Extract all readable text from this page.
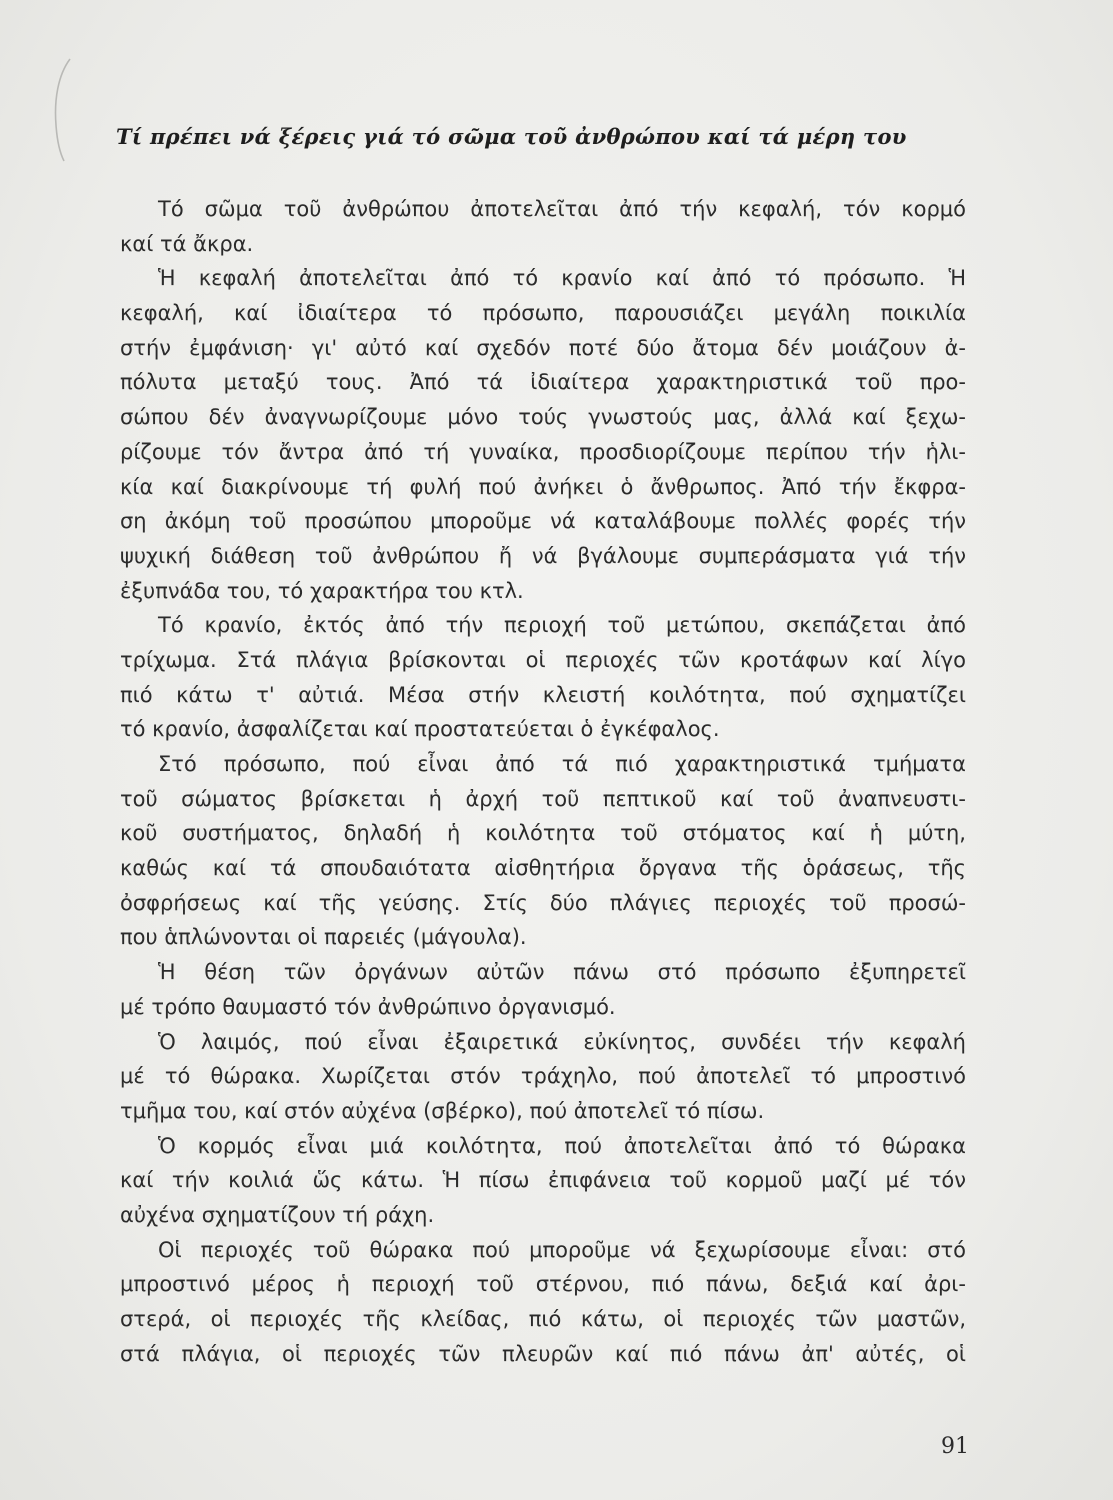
Τί πρέπει νά ξέρεις γιά τό σῶμα τοῦ ἀνθρώπου καί τά μέρη του
Τό σῶμα τοῦ ἀνθρώπου ἀποτελεῖται ἀπό τήν κεφαλή, τόν κορμό
καί τά ἄκρα.
Ἡ κεφαλή ἀποτελεῖται ἀπό τό κρανίο καί ἀπό τό πρόσωπο. Ἡ
κεφαλή, καί ἰδιαίτερα τό πρόσωπο, παρουσιάζει μεγάλη ποικιλία
στήν ἐμφάνιση· γι' αὐτό καί σχεδόν ποτέ δύο ἄτομα δέν μοιάζουν ἀ-
πόλυτα μεταξύ τους. Ἀπό τά ἰδιαίτερα χαρακτηριστικά τοῦ προ-
σώπου δέν ἀναγνωρίζουμε μόνο τούς γνωστούς μας, ἀλλά καί ξεχω-
ρίζουμε τόν ἄντρα ἀπό τή γυναίκα, προσδιορίζουμε περίπου τήν ἡλι-
κία καί διακρίνουμε τή φυλή πού ἀνήκει ὁ ἄνθρωπος. Ἀπό τήν ἔκφρα-
ση ἀκόμη τοῦ προσώπου μποροῦμε νά καταλάβουμε πολλές φορές τήν
ψυχική διάθεση τοῦ ἀνθρώπου ἤ νά βγάλουμε συμπεράσματα γιά τήν
ἐξυπνάδα του, τό χαρακτήρα του κτλ.
Τό κρανίο, ἐκτός ἀπό τήν περιοχή τοῦ μετώπου, σκεπάζεται ἀπό
τρίχωμα. Στά πλάγια βρίσκονται οἱ περιοχές τῶν κροτάφων καί λίγο
πιό κάτω τ' αὐτιά. Μέσα στήν κλειστή κοιλότητα, πού σχηματίζει
τό κρανίο, ἀσφαλίζεται καί προστατεύεται ὁ ἐγκέφαλος.
Στό πρόσωπο, πού εἶναι ἀπό τά πιό χαρακτηριστικά τμήματα
τοῦ σώματος βρίσκεται ἡ ἀρχή τοῦ πεπτικοῦ καί τοῦ ἀναπνευστι-
κοῦ συστήματος, δηλαδή ἡ κοιλότητα τοῦ στόματος καί ἡ μύτη,
καθώς καί τά σπουδαιότατα αἰσθητήρια ὄργανα τῆς ὁράσεως, τῆς
ὀσφρήσεως καί τῆς γεύσης. Στίς δύο πλάγιες περιοχές τοῦ προσώ-
που ἁπλώνονται οἱ παρειές (μάγουλα).
Ἡ θέση τῶν ὀργάνων αὐτῶν πάνω στό πρόσωπο ἐξυπηρετεῖ
μέ τρόπο θαυμαστό τόν ἀνθρώπινο ὀργανισμό.
Ὁ λαιμός, πού εἶναι ἐξαιρετικά εὐκίνητος, συνδέει τήν κεφαλή
μέ τό θώρακα. Χωρίζεται στόν τράχηλο, πού ἀποτελεῖ τό μπροστινό
τμῆμα του, καί στόν αὐχένα (σβέρκο), πού ἀποτελεῖ τό πίσω.
Ὁ κορμός εἶναι μιά κοιλότητα, πού ἀποτελεῖται ἀπό τό θώρακα
καί τήν κοιλιά ὥς κάτω. Ἡ πίσω ἐπιφάνεια τοῦ κορμοῦ μαζί μέ τόν
αὐχένα σχηματίζουν τή ράχη.
Οἱ περιοχές τοῦ θώρακα πού μποροῦμε νά ξεχωρίσουμε εἶναι: στό
μπροστινό μέρος ἡ περιοχή τοῦ στέρνου, πιό πάνω, δεξιά καί ἀρι-
στερά, οἱ περιοχές τῆς κλείδας, πιό κάτω, οἱ περιοχές τῶν μαστῶν,
στά πλάγια, οἱ περιοχές τῶν πλευρῶν καί πιό πάνω ἀπ' αὐτές, οἱ
91
